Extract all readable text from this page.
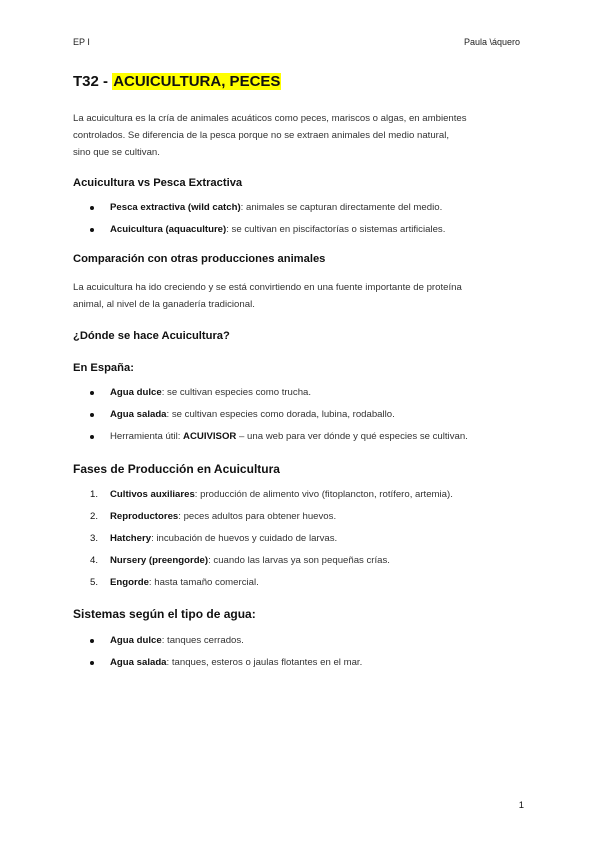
EP I	Paula \áquero
T32 - ACUICULTURA, PECES

La acuicultura es la cría de animales acuáticos como peces, mariscos o algas, en ambientes

controlados. Se diferencia de la pesca porque no se extraen animales del medio natural,

sino que se cultivan.

Acuicultura vs Pesca Extractiva
Pesca extractiva (wild catch): animales se capturan directamente del medio.
Acuicultura (aquaculture): se cultivan en piscifactorías o sistemas artificiales.
Comparación con otras producciones animales

La acuicultura ha ido creciendo y se está convirtiendo en una fuente importante de proteína

animal, al nivel de la ganadería tradicional.

¿Dónde se hace Acuicultura?
En España:
Agua dulce: se cultivan especies como trucha.
Agua salada: se cultivan especies como dorada, lubina, rodaballo.
Herramienta útil: ACUIVISOR – una web para ver dónde y qué especies se cultivan.
Fases de Producción en Acuicultura
1. Cultivos auxiliares: producción de alimento vivo (fitoplancton, rotífero, artemia).
2. Reproductores: peces adultos para obtener huevos.
3. Hatchery: incubación de huevos y cuidado de larvas.
4. Nursery (preengorde): cuando las larvas ya son pequeñas crías.
5. Engorde: hasta tamaño comercial.
Sistemas según el tipo de agua:
Agua dulce: tanques cerrados.
Agua salada: tanques, esteros o jaulas flotantes en el mar.
1
